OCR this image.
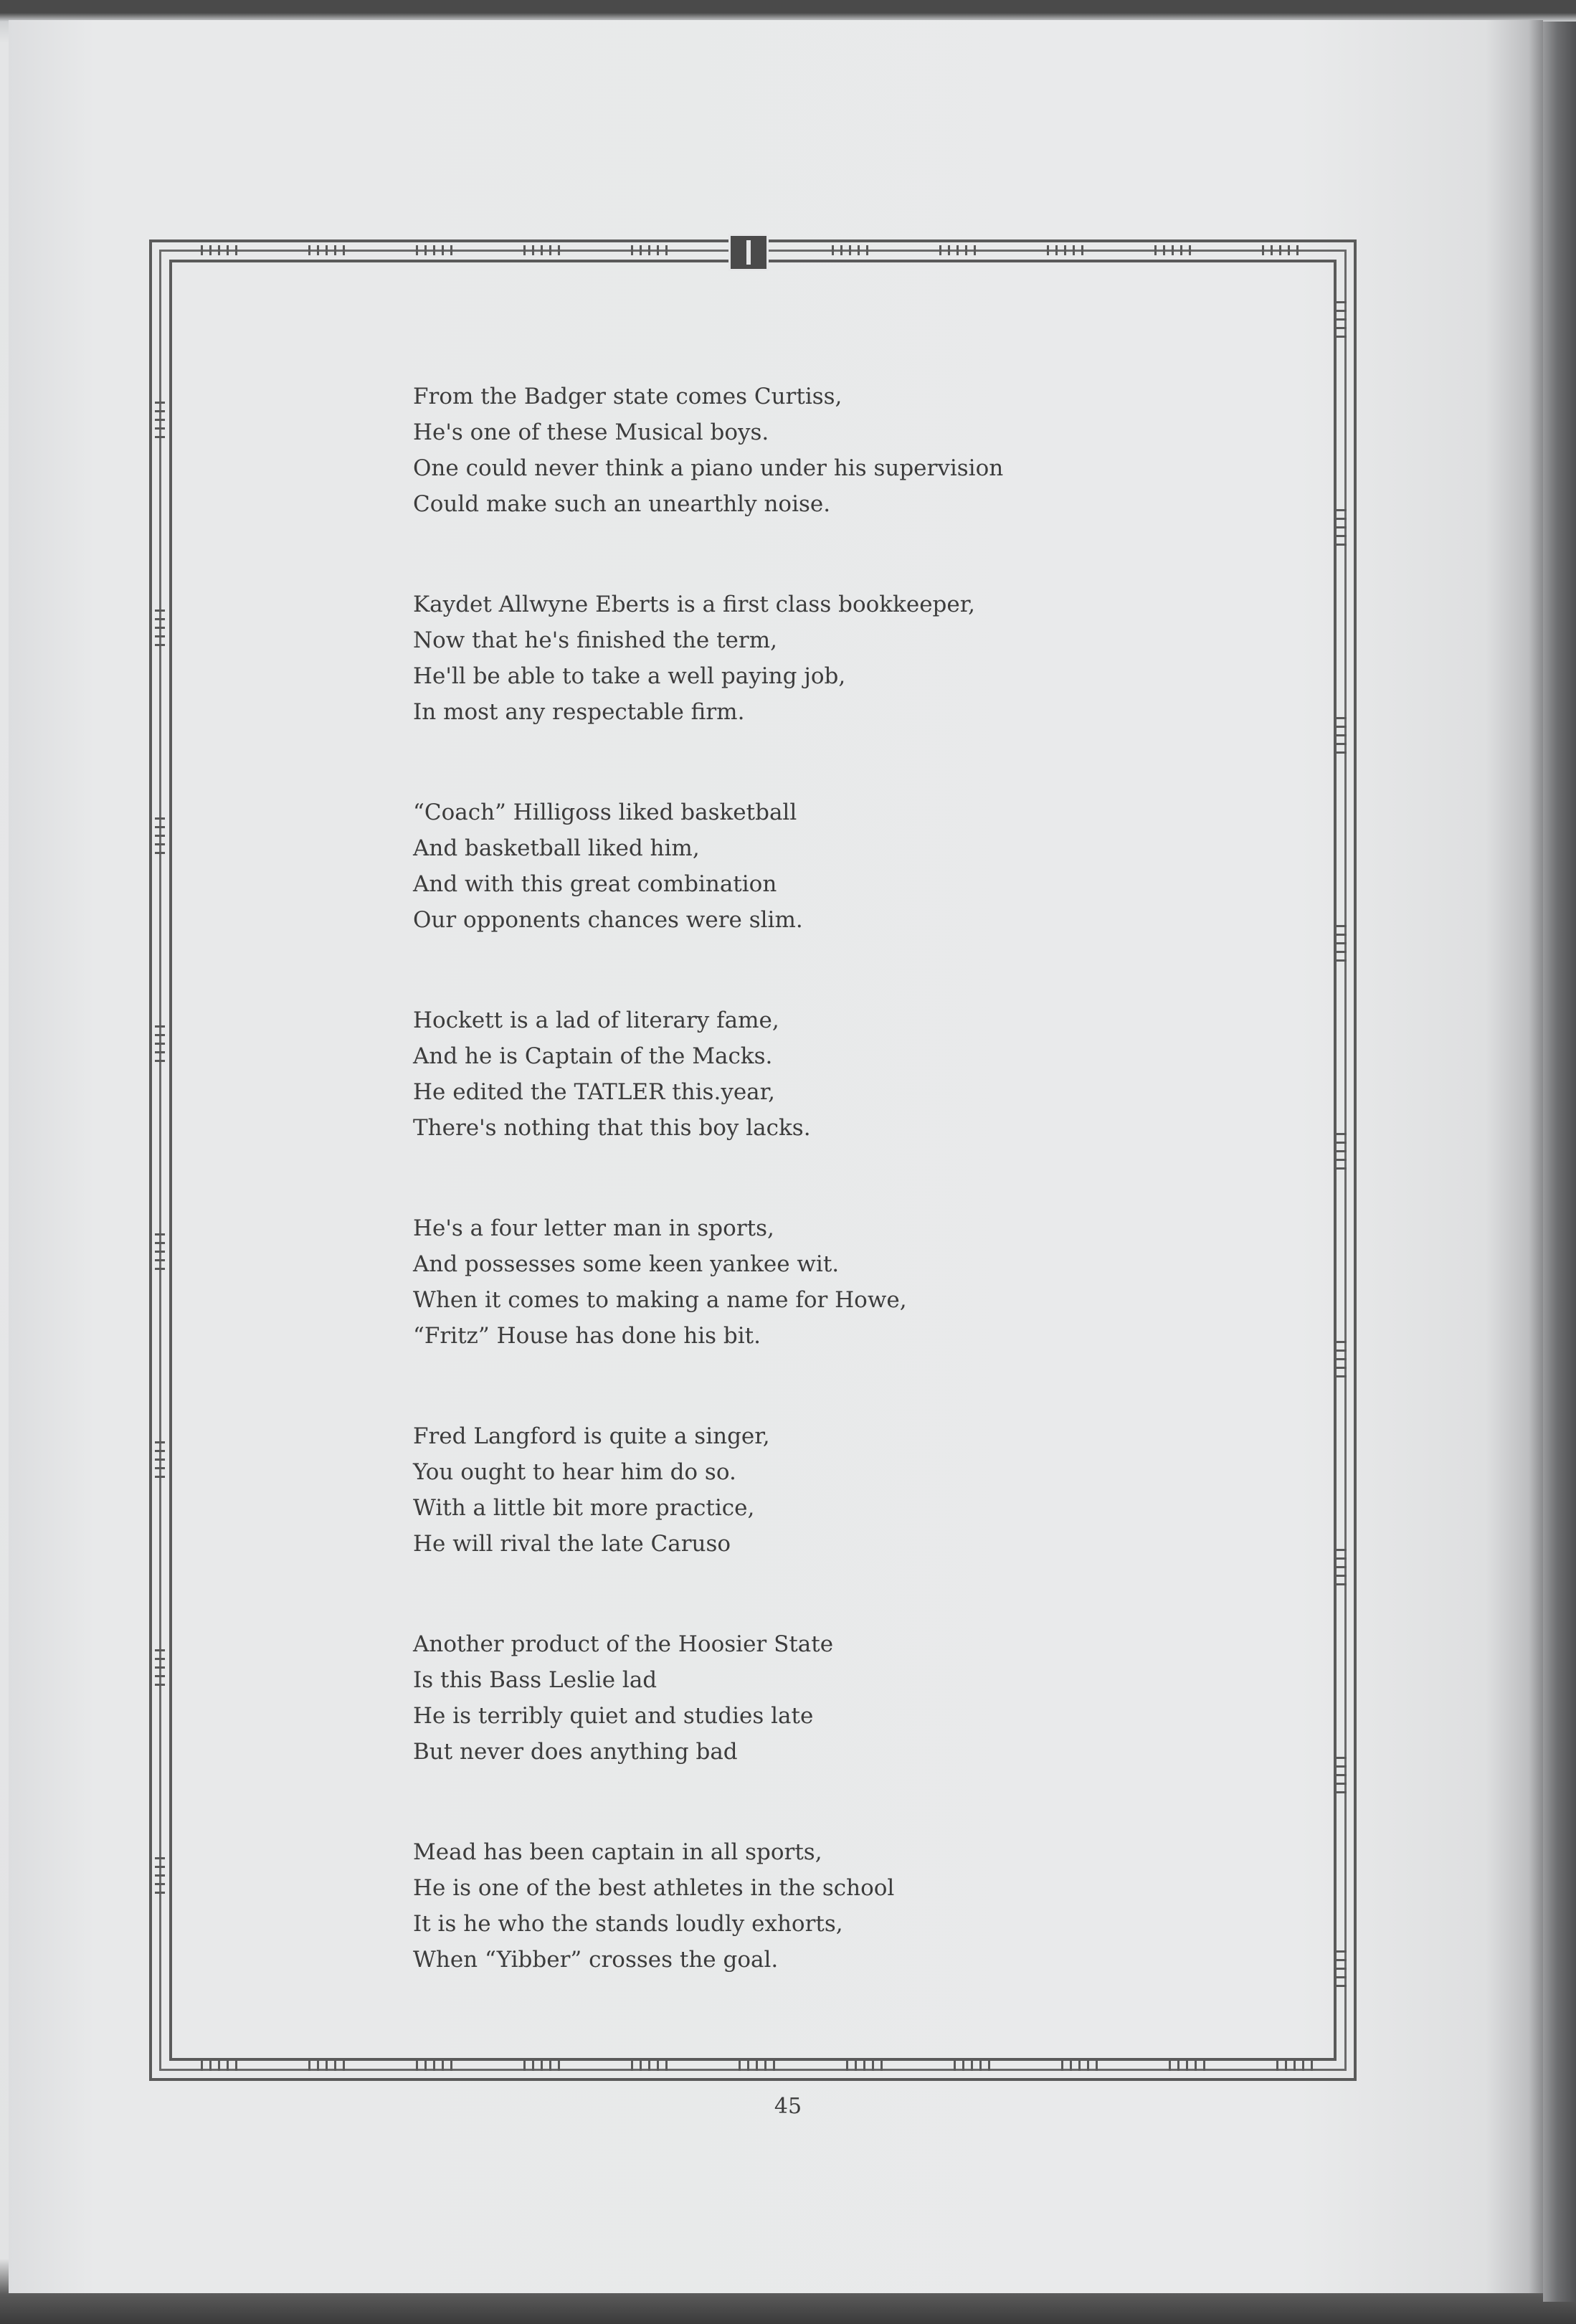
From the Badger state comes Curtiss,
He's one of these Musical boys.
One could never think a piano under his supervision
Could make such an unearthly noise.
Kaydet Allwyne Eberts is a first class bookkeeper,
Now that he's finished the term,
He'll be able to take a well paying job,
In most any respectable firm.
“Coach” Hilligoss liked basketball
And basketball liked him,
And with this great combination
Our opponents chances were slim.
Hockett is a lad of literary fame,
And he is Captain of the Macks.
He edited the TATLER this.year,
There's nothing that this boy lacks.
He's a four letter man in sports,
And possesses some keen yankee wit.
When it comes to making a name for Howe,
“Fritz” House has done his bit.
Fred Langford is quite a singer,
You ought to hear him do so.
With a little bit more practice,
He will rival the late Caruso
Another product of the Hoosier State
Is this Bass Leslie lad
He is terribly quiet and studies late
But never does anything bad
Mead has been captain in all sports,
He is one of the best athletes in the school
It is he who the stands loudly exhorts,
When “Yibber” crosses the goal.
45
